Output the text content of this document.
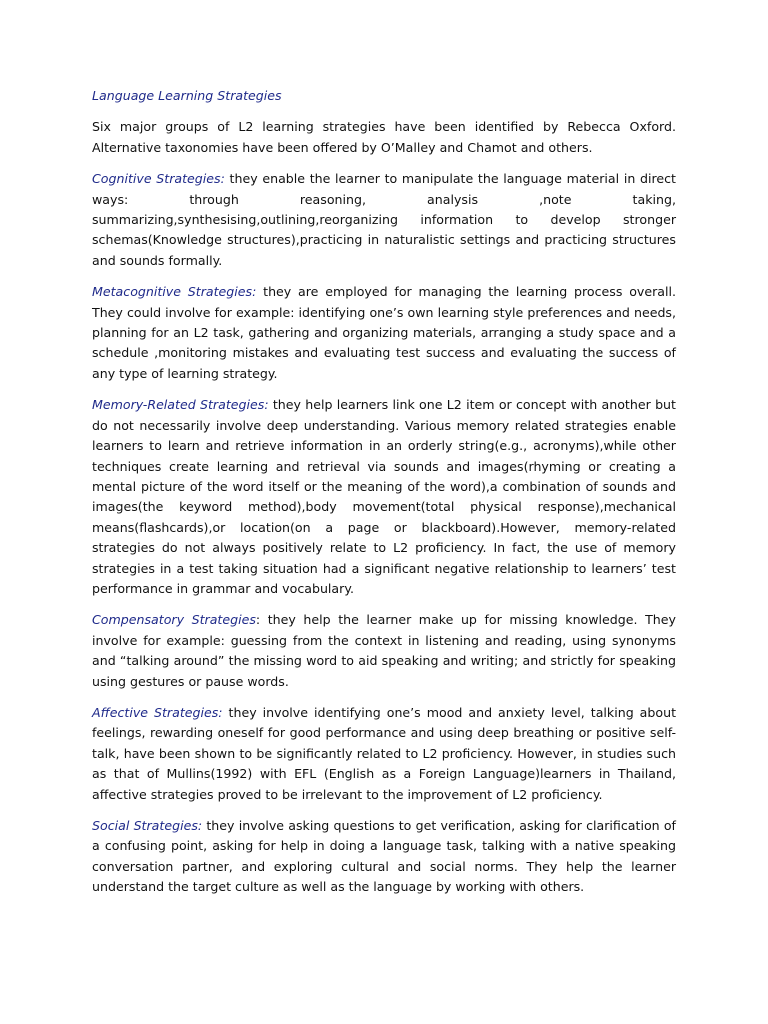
Language Learning Strategies

Six major groups of L2 learning strategies have been identified by Rebecca Oxford. Alternative taxonomies have been offered by O’Malley and Chamot and others.

Cognitive Strategies: they enable the learner to manipulate the language material in direct ways: through reasoning, analysis ,note taking, summarizing,synthesising,outlining,reorganizing information to develop stronger schemas(Knowledge structures),practicing in naturalistic settings and practicing structures and sounds formally.

Metacognitive Strategies: they are employed for managing the learning process overall. They could involve for example: identifying one’s own learning style preferences and needs, planning for an L2 task, gathering and organizing materials, arranging a study space and a schedule ,monitoring mistakes and evaluating test success and evaluating the success of any type of learning strategy.

Memory-Related Strategies: they help learners link one L2 item or concept with another but do not necessarily involve deep understanding. Various memory related strategies enable learners to learn and retrieve information in an orderly string(e.g., acronyms),while other techniques create learning and retrieval via sounds and images(rhyming or creating a mental picture of the word itself or the meaning of the word),a combination of sounds and images(the keyword method),body movement(total physical response),mechanical means(flashcards),or location(on a page or blackboard).However, memory-related strategies do not always positively relate to L2 proficiency. In fact, the use of memory strategies in a test taking situation had a significant negative relationship to learners’ test performance in grammar and vocabulary.

Compensatory Strategies: they help the learner make up for missing knowledge. They involve for example: guessing from the context in listening and reading, using synonyms and “talking around” the missing word to aid speaking and writing; and strictly for speaking using gestures or pause words.

Affective Strategies: they involve identifying one’s mood and anxiety level, talking about feelings, rewarding oneself for good performance and using deep breathing or positive self-talk, have been shown to be significantly related to L2 proficiency. However, in studies such as that of Mullins(1992) with EFL (English as a Foreign Language)learners in Thailand, affective strategies proved to be irrelevant to the improvement of L2 proficiency.

Social Strategies: they involve asking questions to get verification, asking for clarification of a confusing point, asking for help in doing a language task, talking with a native speaking conversation partner, and exploring cultural and social norms. They help the learner understand the target culture as well as the language by working with others.
